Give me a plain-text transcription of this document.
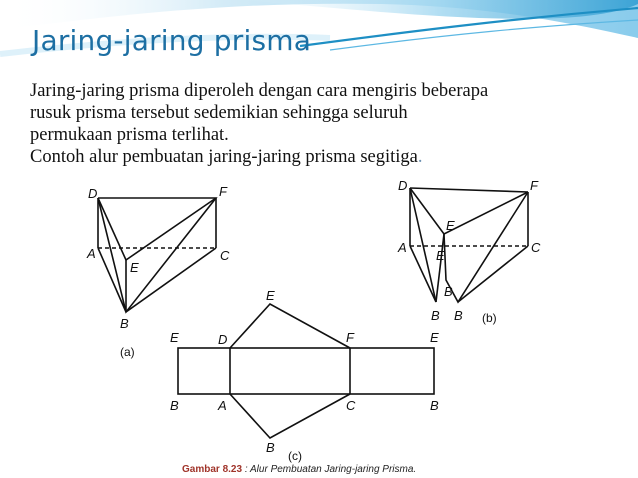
Jaring-jaring prisma

Jaring-jaring prisma diperoleh dengan cara mengiris beberapa

rusuk prisma tersebut sedemikian sehingga seluruh

permukaan prisma terlihat.

Contoh alur pembuatan jaring-jaring prisma segitiga.

D	F
A	C
E
B
(a)
D	F
E
A	C
E
B
B B (b)
E
E	D	F	E
B	A	C	B
B
(c)
Gambar 8.23 : Alur Pembuatan Jaring-jaring Prisma.
